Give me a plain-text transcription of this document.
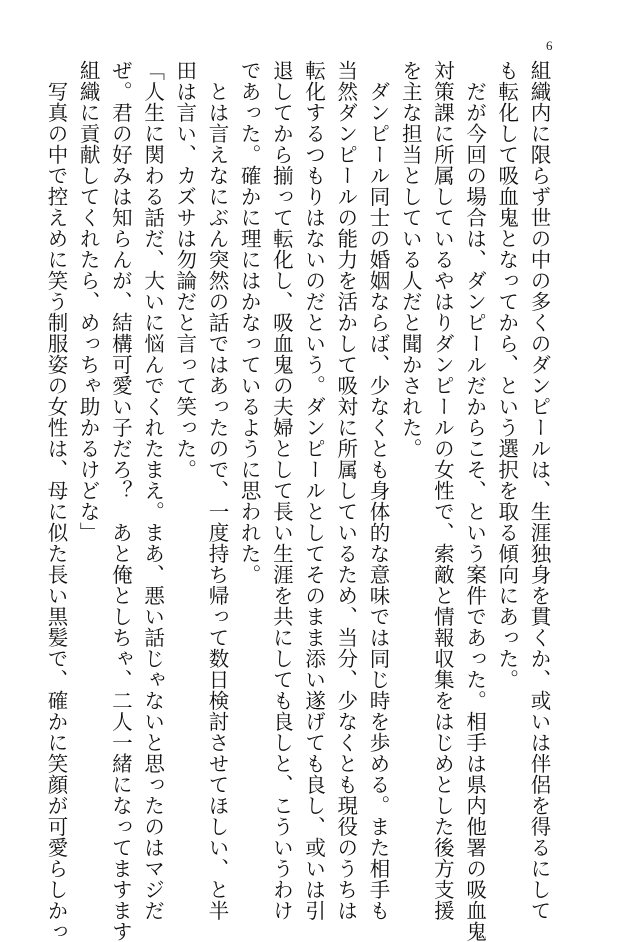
6

組織内に限らず世の中の多くのダンピールは、生涯独身を貫くか、或いは伴侶を得るにして

も転化して吸血鬼となってから、という選択を取る傾向にあった。

　だが今回の場合は、ダンピールだからこそ、という案件であった。相手は県内他署の吸血鬼

対策課に所属しているやはりダンピールの女性で、索敵と情報収集をはじめとした後方支援

を主な担当としている人だと聞かされた。

　ダンピール同士の婚姻ならば、少なくとも身体的な意味では同じ時を歩める。また相手も

当然ダンピールの能力を活かして吸対に所属しているため、当分、少なくとも現役のうちは

転化するつもりはないのだという。ダンピールとしてそのまま添い遂げても良し、或いは引

退してから揃って転化し、吸血鬼の夫婦として長い生涯を共にしても良しと、こういうわけ

であった。確かに理にはかなっているように思われた。

　とは言えなにぶん突然の話ではあったので、一度持ち帰って数日検討させてほしい、と半

田は言い、カズサは勿論だと言って笑った。

「人生に関わる話だ、大いに悩んでくれたまえ。まあ、悪い話じゃないと思ったのはマジだ

ぜ。君の好みは知らんが、結構可愛い子だろ？　あと俺としちゃ、二人一緒になってますます

組織に貢献してくれたら、めっちゃ助かるけどな」

　写真の中で控えめに笑う制服姿の女性は、母に似た長い黒髪で、確かに笑顔が可愛らしかっ
